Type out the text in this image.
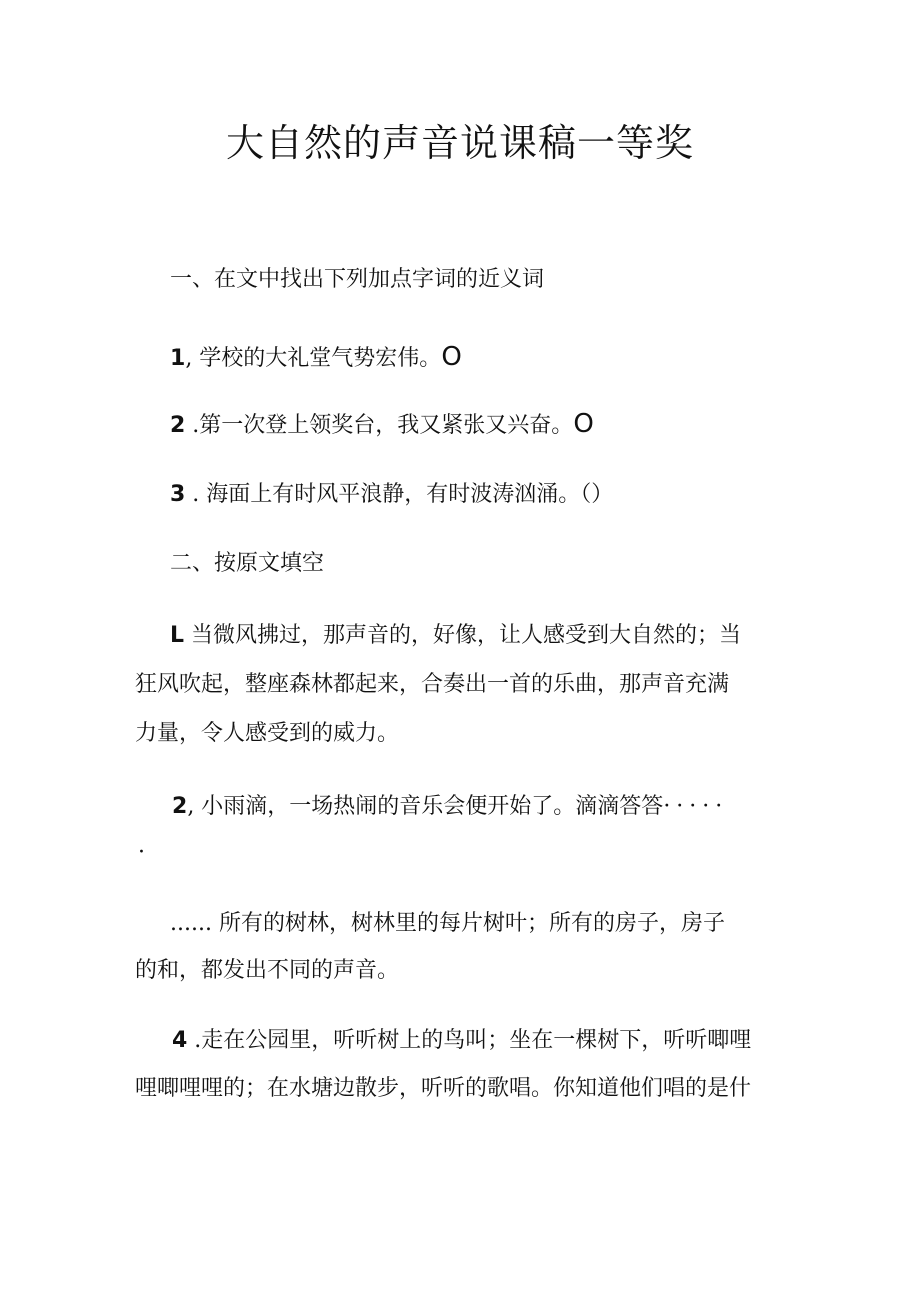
大自然的声音说课稿一等奖

一、在文中找出下列加点字词的近义词

1, 学校的大礼堂气势宏伟。O

2 .第一次登上领奖台，我又紧张又兴奋。O

3 . 海面上有时风平浪静，有时波涛汹涌。（）

二、按原文填空

L 当微风拂过，那声音的，好像，让人感受到大自然的；当

狂风吹起，整座森林都起来，合奏出一首的乐曲，那声音充满

力量，令人感受到的威力。

2, 小雨滴，一场热闹的音乐会便开始了。滴滴答答·····

·

...... 所有的树林，树林里的每片树叶；所有的房子，房子

的和，都发出不同的声音。

4 .走在公园里，听听树上的鸟叫；坐在一棵树下，听听唧哩

哩唧哩哩的；在水塘边散步，听听的歌唱。你知道他们唱的是什
